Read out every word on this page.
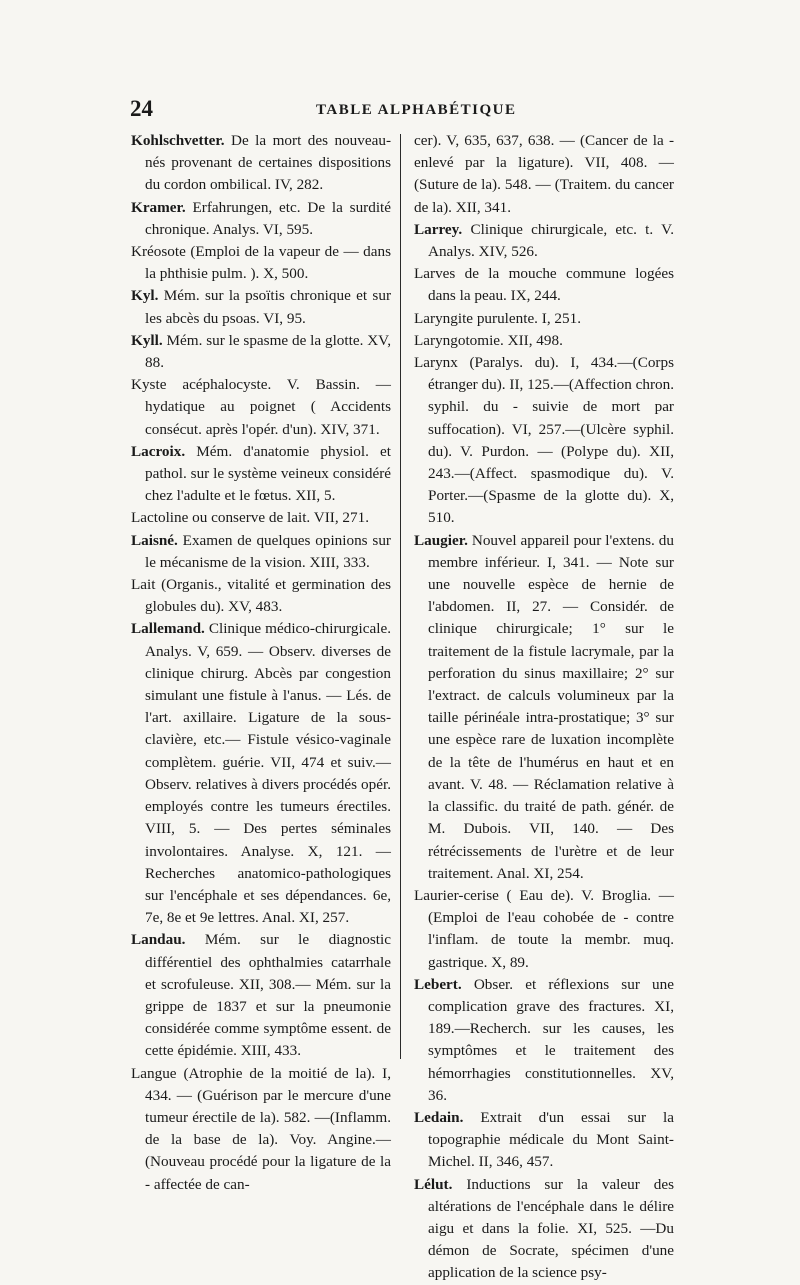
24	TABLE ALPHABÉTIQUE

Kohlschvetter. De la mort des nouveau-nés provenant de certaines dispositions du cordon ombilical. IV, 282.

Kramer. Erfahrungen, etc. De la surdité chronique. Analys. VI, 595.

Kréosote (Emploi de la vapeur de — dans la phthisie pulm. ). X, 500.

Kyl. Mém. sur la psoïtis chronique et sur les abcès du psoas. VI, 95.

Kyll. Mém. sur le spasme de la glotte. XV, 88.

Kyste acéphalocyste. V. Bassin. — hydatique au poignet ( Accidents consécut. après l'opér. d'un). XIV, 371.

Lacroix. Mém. d'anatomie physiol. et pathol. sur le système veineux considéré chez l'adulte et le fœtus. XII, 5.

Lactoline ou conserve de lait. VII, 271.

Laisné. Examen de quelques opinions sur le mécanisme de la vision. XIII, 333.

Lait (Organis., vitalité et germination des globules du). XV, 483.

Lallemand. Clinique médico-chirurgicale. Analys. V, 659. — Observ. diverses de clinique chirurg. Abcès par congestion simulant une fistule à l'anus. — Lés. de l'art. axillaire. Ligature de la sous-clavière, etc.— Fistule vésico-vaginale complètem. guérie. VII, 474 et suiv.— Observ. relatives à divers procédés opér. employés contre les tumeurs érectiles. VIII, 5. — Des pertes séminales involontaires. Analyse. X, 121. — Recherches anatomico-pathologiques sur l'encéphale et ses dépendances. 6e, 7e, 8e et 9e lettres. Anal. XI, 257.

Landau. Mém. sur le diagnostic différentiel des ophthalmies catarrhale et scrofuleuse. XII, 308.— Mém. sur la grippe de 1837 et sur la pneumonie considérée comme symptôme essent. de cette épidémie. XIII, 433.

Langue (Atrophie de la moitié de la). I, 434. — (Guérison par le mercure d'une tumeur érectile de la). 582. —(Inflamm. de la base de la). Voy. Angine.— (Nouveau procédé pour la ligature de la - affectée de can-

cer). V, 635, 637, 638. — (Cancer de la - enlevé par la ligature). VII, 408. — (Suture de la). 548. — (Traitem. du cancer de la). XII, 341.

Larrey. Clinique chirurgicale, etc. t. V. Analys. XIV, 526.

Larves de la mouche commune logées dans la peau. IX, 244.

Laryngite purulente. I, 251.

Laryngotomie. XII, 498.

Larynx (Paralys. du). I, 434.—(Corps étranger du). II, 125.—(Affection chron. syphil. du - suivie de mort par suffocation). VI, 257.—(Ulcère syphil. du). V. Purdon. — (Polype du). XII, 243.—(Affect. spasmodique du). V. Porter.—(Spasme de la glotte du). X, 510.

Laugier. Nouvel appareil pour l'extens. du membre inférieur. I, 341. — Note sur une nouvelle espèce de hernie de l'abdomen. II, 27. — Considér. de clinique chirurgicale; 1° sur le traitement de la fistule lacrymale, par la perforation du sinus maxillaire; 2° sur l'extract. de calculs volumineux par la taille périnéale intra-prostatique; 3° sur une espèce rare de luxation incomplète de la tête de l'humérus en haut et en avant. V. 48. — Réclamation relative à la classific. du traité de path. génér. de M. Dubois. VII, 140. — Des rétrécissements de l'urètre et de leur traitement. Anal. XI, 254.

Laurier-cerise ( Eau de). V. Broglia. — (Emploi de l'eau cohobée de - contre l'inflam. de toute la membr. muq. gastrique. X, 89.

Lebert. Obser. et réflexions sur une complication grave des fractures. XI, 189.—Recherch. sur les causes, les symptômes et le traitement des hémorrhagies constitutionnelles. XV, 36.

Ledain. Extrait d'un essai sur la topographie médicale du Mont Saint-Michel. II, 346, 457.

Lélut. Inductions sur la valeur des altérations de l'encéphale dans le délire aigu et dans la folie. XI, 525. —Du démon de Socrate, spécimen d'une application de la science psy-
